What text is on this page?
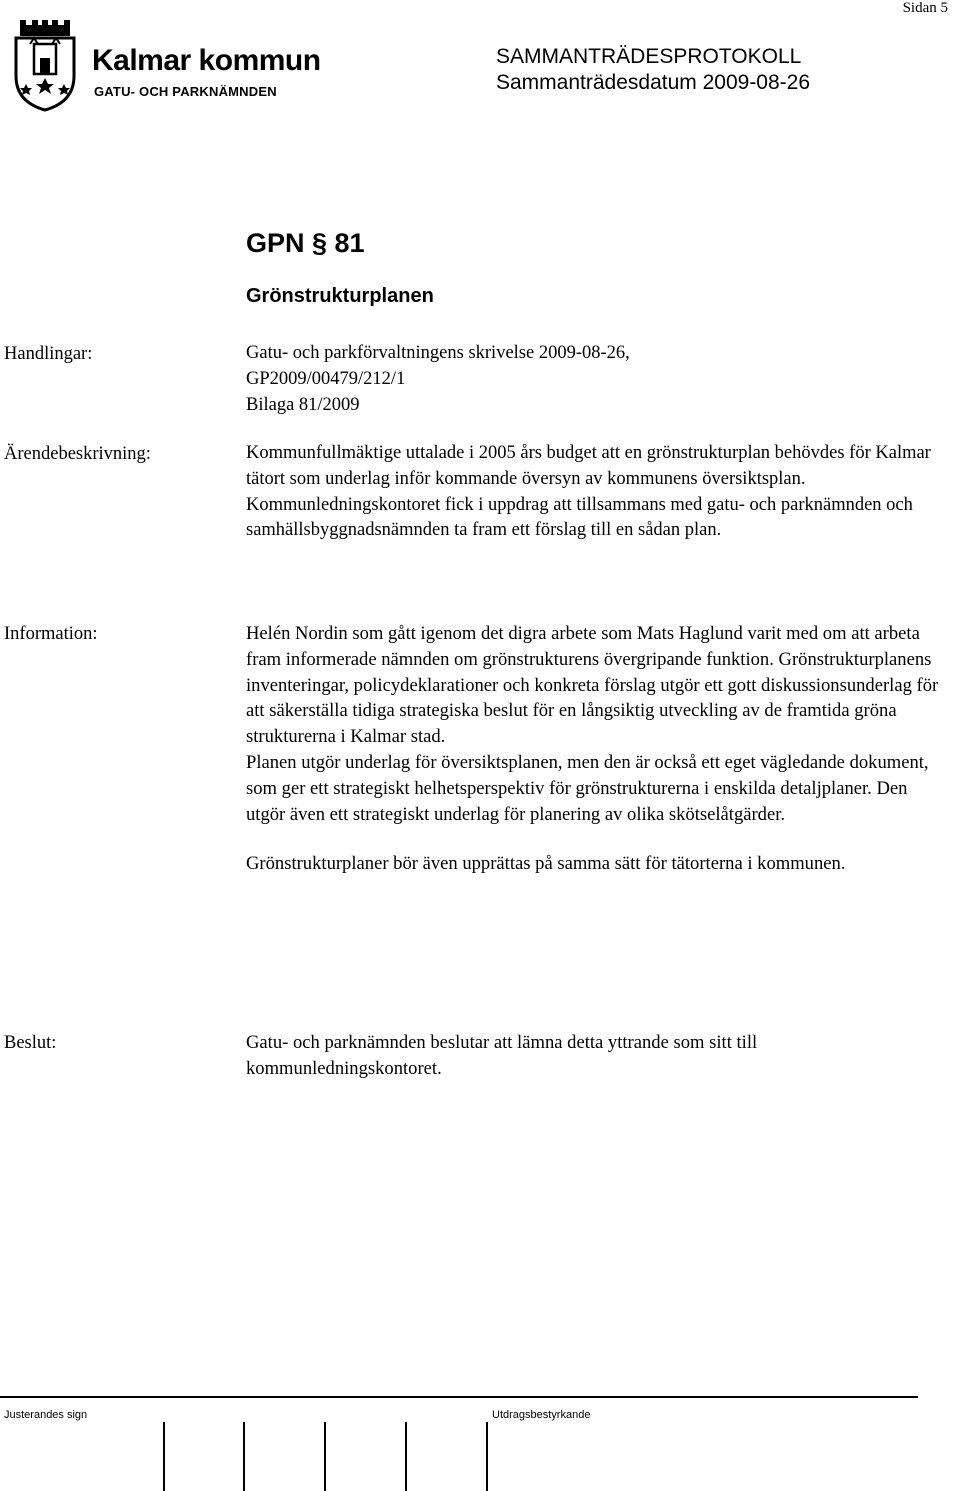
Sidan 5
Kalmar kommun
GATU- OCH PARKNÄMNDEN
SAMMANTRÄDESPROTOKOLL
Sammanträdesdatum 2009-08-26
GPN § 81
Grönstrukturplanen
Handlingar:	Gatu- och parkförvaltningens skrivelse 2009-08-26,

GP2009/00479/212/1

Bilaga 81/2009

Ärendebeskrivning:	Kommunfullmäktige uttalade i 2005 års budget att en grönstrukturplan behövdes för Kalmar tätort som underlag inför kommande översyn av kommunens översiktsplan. Kommunledningskontoret fick i uppdrag att tillsammans med gatu- och parknämnden och samhällsbyggnadsnämnden ta fram ett förslag till en sådan plan.

Information:	Helén Nordin som gått igenom det digra arbete som Mats Haglund varit med om att arbeta fram informerade nämnden om grönstrukturens övergripande funktion. Grönstrukturplanens inventeringar, policydeklarationer och konkreta förslag utgör ett gott diskussionsunderlag för att säkerställa tidiga strategiska beslut för en långsiktig utveckling av de framtida gröna strukturerna i Kalmar stad.

Planen utgör underlag för översiktsplanen, men den är också ett eget vägledande dokument, som ger ett strategiskt helhetsperspektiv för grönstrukturerna i enskilda detaljplaner. Den utgör även ett strategiskt underlag för planering av olika skötselåtgärder.

Grönstrukturplaner bör även upprättas på samma sätt för tätorterna i kommunen.

Beslut:	Gatu- och parknämnden beslutar att lämna detta yttrande som sitt till kommunledningskontoret.

Justerandes sign	Utdragsbestyrkande
